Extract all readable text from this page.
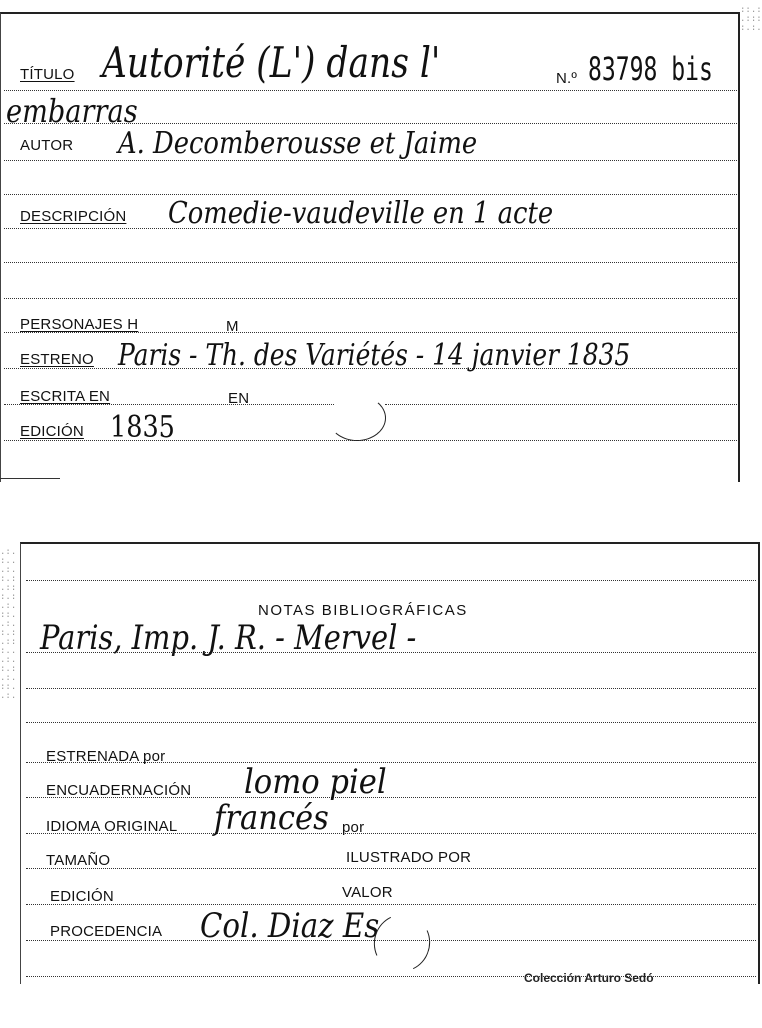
::.:
.:::
:.:.
TÍTULO Autorité (L') dans l'	N.º 83798 bis
embarras
AUTOR A. Decomberousse et Jaime
DESCRIPCIÓN Comedie-vaudeville en 1 acte
PERSONAJES H	M
ESTRENO Paris - Th. des Variétés - 14 janvier 1835
ESCRITA EN	EN
EDICIÓN 1835
.:.
:..
.:.
:.:
.::
:.:
.:.
::.
.:.
:.:
.::
:..
.:.
:.:
.:.
::.
.:.
NOTAS BIBLIOGRÁFICAS
Paris, Imp. J. R. - Mervel -
ESTRENADA por
ENCUADERNACIÓN lomo piel
IDIOMA ORIGINAL francés por
TAMAÑO	ILUSTRADO POR
EDICIÓN	VALOR
PROCEDENCIA Col. Diaz Es
Colección Arturo Sedó
